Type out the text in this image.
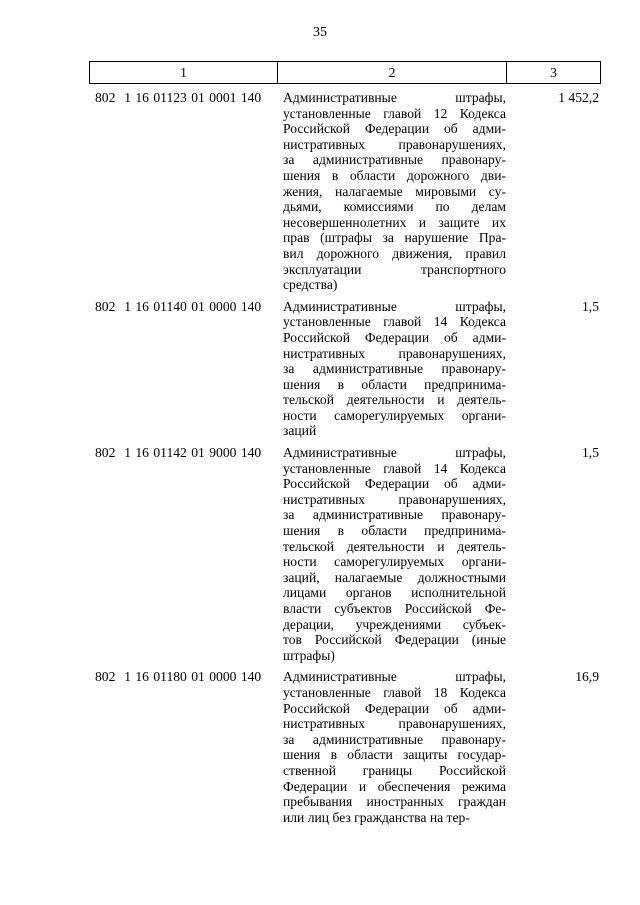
35
1	2	3
802  1 16 01123 01 0001 140	Административные штрафы,
установленные главой 12 Кодекса
Российской Федерации об адми-
нистративных правонарушениях,
за административные правонару-
шения в области дорожного дви-
жения, налагаемые мировыми су-
дьями, комиссиями по делам
несовершеннолетних и защите их
прав (штрафы за нарушение Пра-
вил дорожного движения, правил
эксплуатации транспортного
средства)
1 452,2
802  1 16 01140 01 0000 140	Административные штрафы,
установленные главой 14 Кодекса
Российской Федерации об адми-
нистративных правонарушениях,
за административные правонару-
шения в области предпринима-
тельской деятельности и деятель-
ности саморегулируемых органи-
заций
1,5
802  1 16 01142 01 9000 140	Административные штрафы,
установленные главой 14 Кодекса
Российской Федерации об адми-
нистративных правонарушениях,
за административные правонару-
шения в области предпринима-
тельской деятельности и деятель-
ности саморегулируемых органи-
заций, налагаемые должностными
лицами органов исполнительной
власти субъектов Российской Фе-
дерации, учреждениями субъек-
тов Российской Федерации (иные
штрафы)
1,5
802  1 16 01180 01 0000 140	Административные штрафы,
установленные главой 18 Кодекса
Российской Федерации об адми-
нистративных правонарушениях,
за административные правонару-
шения в области защиты государ-
ственной границы Российской
Федерации и обеспечения режима
пребывания иностранных граждан
или лиц без гражданства на тер-
16,9
